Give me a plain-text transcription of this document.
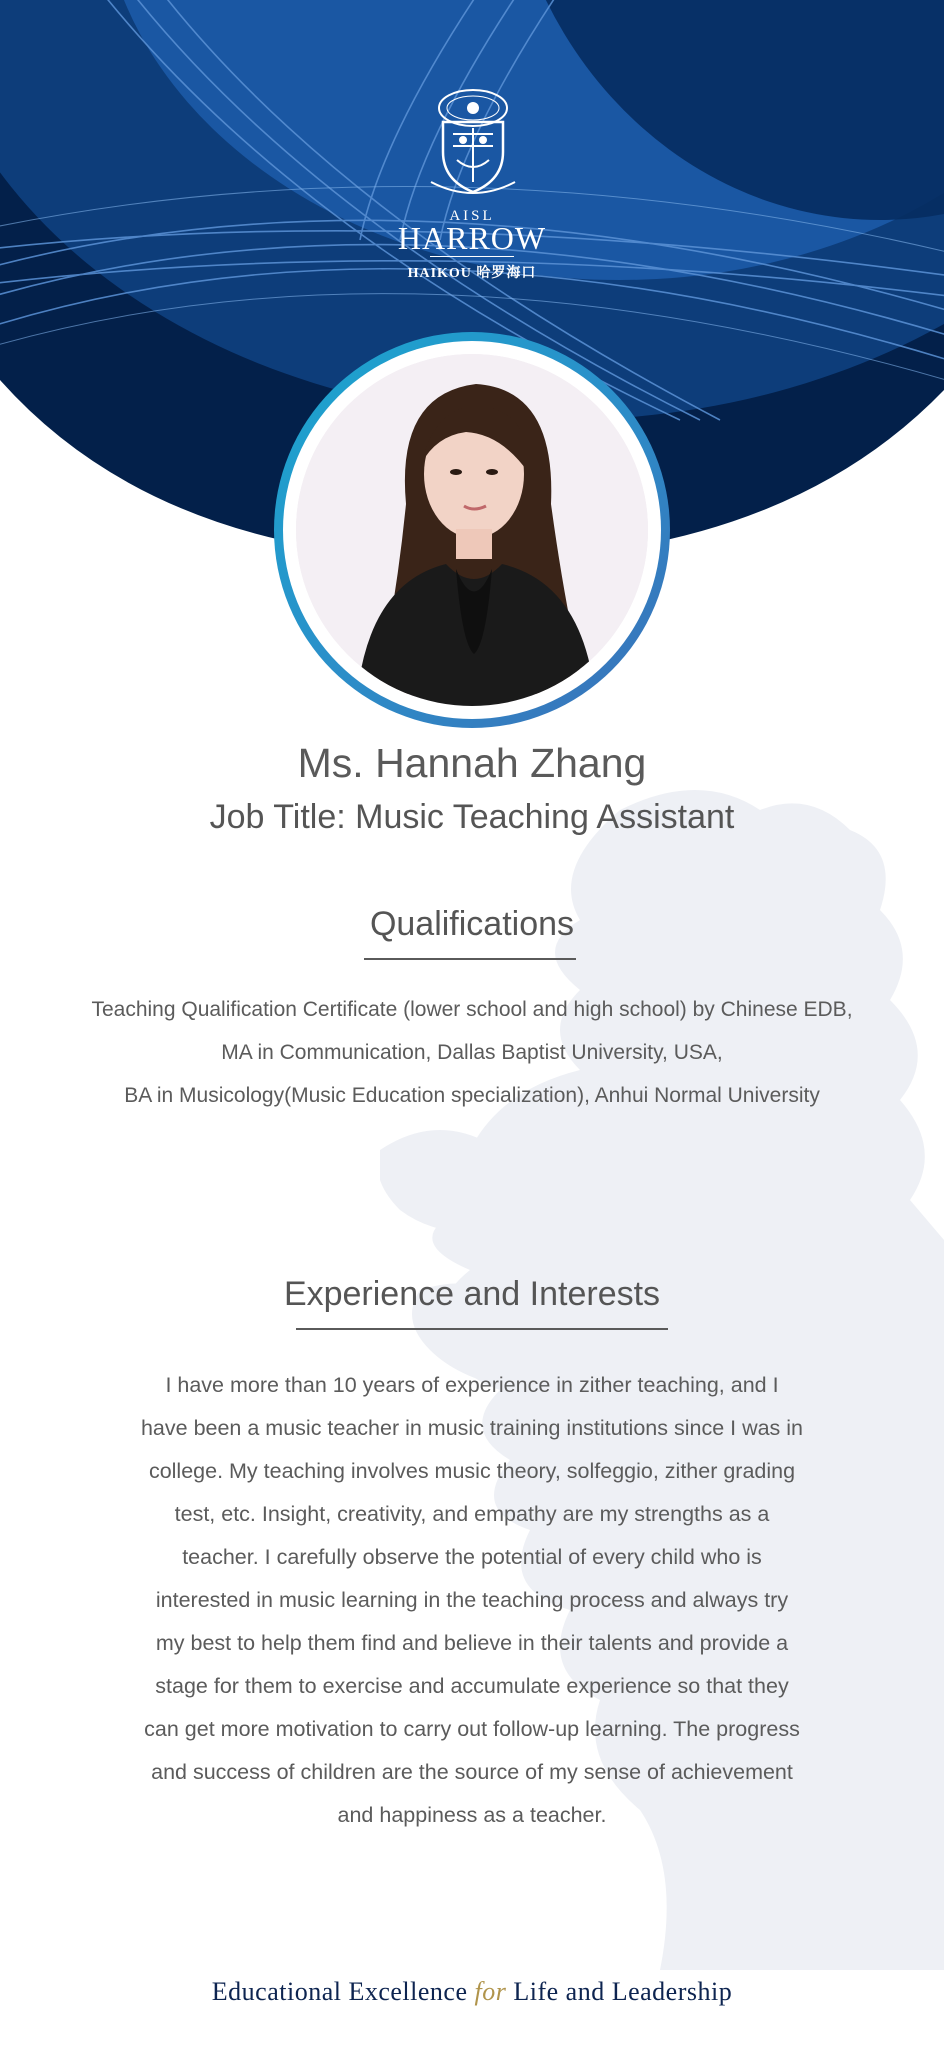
AISL
HARROW
HAIKOU 哈罗海口
Ms. Hannah Zhang
Job Title: Music Teaching Assistant
Qualifications
Teaching Qualification Certificate (lower school and high school) by Chinese EDB,
MA in Communication, Dallas Baptist University, USA,
BA in Musicology(Music Education specialization), Anhui Normal University
Experience and Interests
I have more than 10 years of experience in zither teaching, and I have been a music teacher in music training institutions since I was in college. My teaching involves music theory, solfeggio, zither grading test, etc. Insight, creativity, and empathy are my strengths as a teacher. I carefully observe the potential of every child who is interested in music learning in the teaching process and always try my best to help them find and believe in their talents and provide a stage for them to exercise and accumulate experience so that they can get more motivation to carry out follow-up learning. The progress and success of children are the source of my sense of achievement and happiness as a teacher.
Educational Excellence for Life and Leadership
